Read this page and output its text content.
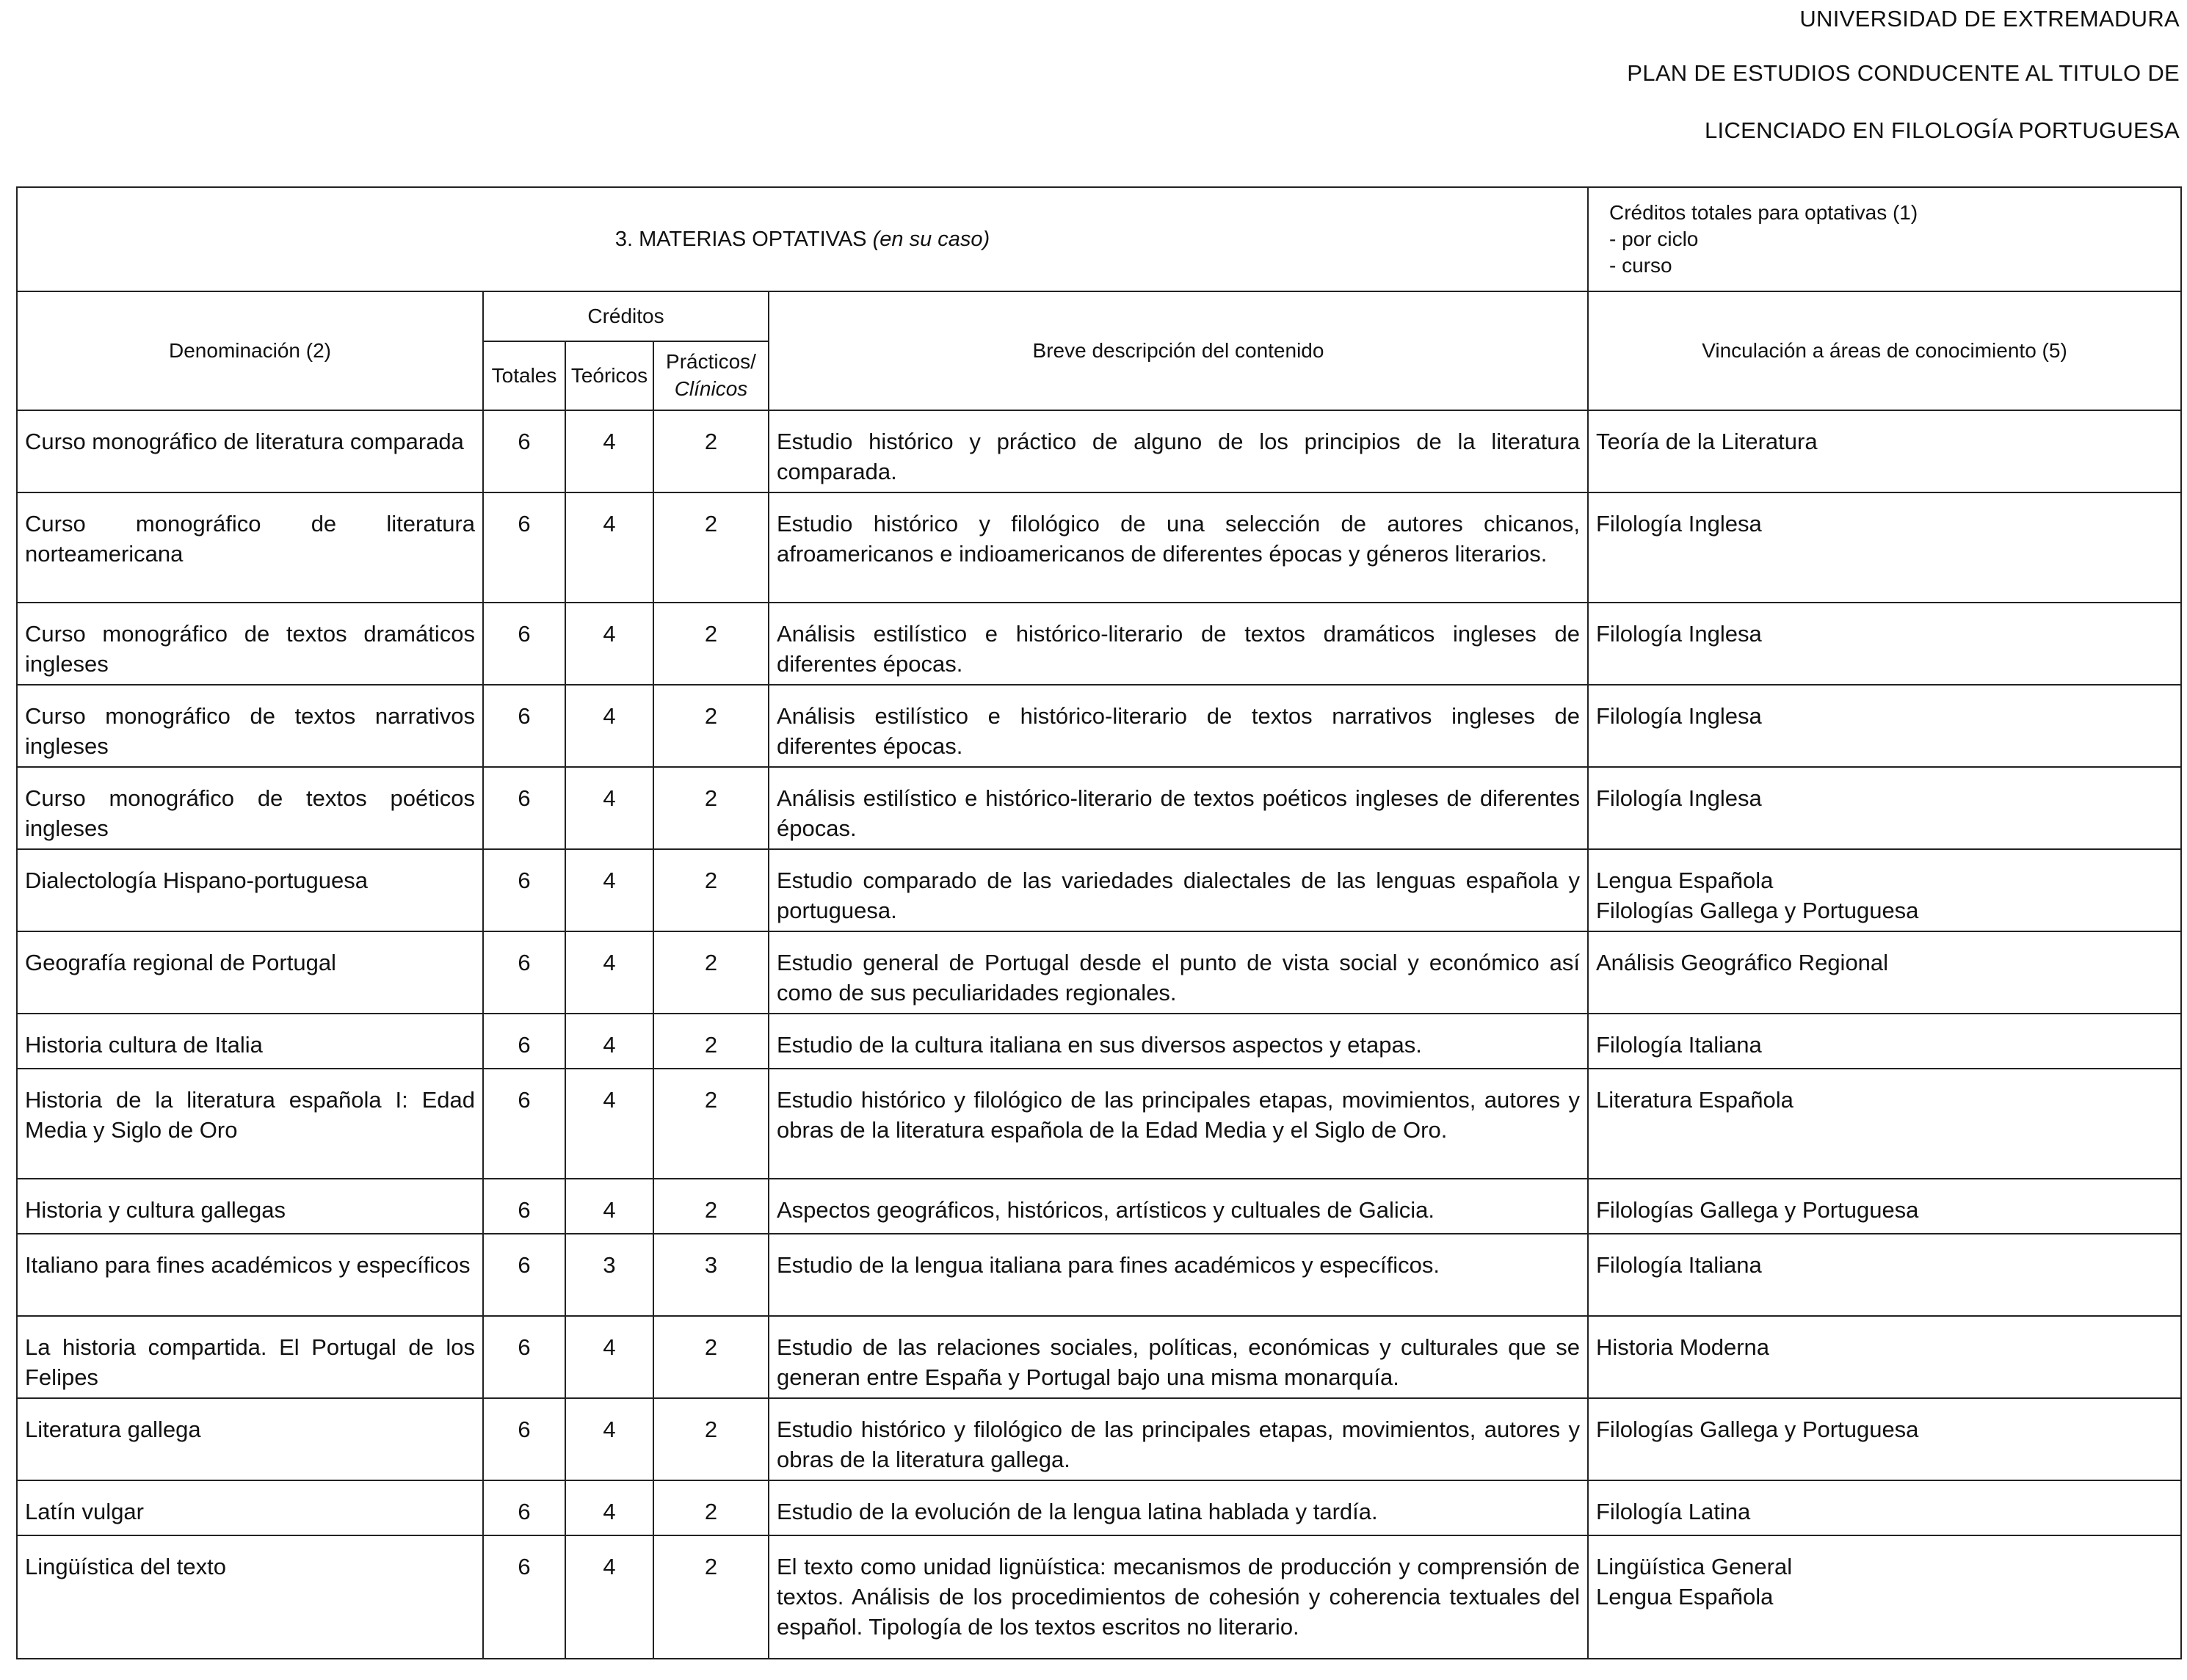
UNIVERSIDAD DE EXTREMADURA
PLAN DE ESTUDIOS CONDUCENTE AL TITULO DE
LICENCIADO EN FILOLOGÍA PORTUGUESA
3. MATERIAS OPTATIVAS (en su caso)					Créditos totales para optativas (1)
- por ciclo
- curso

Denominación (2)	Créditos			Breve descripción del contenido	Vinculación a áreas de conocimiento (5)
	Totales	Teóricos	Prácticos/
Clínicos		

Curso monográfico de literatura comparada	6	4	2	Estudio histórico y práctico de alguno de los principios de la literatura comparada.	Teoría de la Literatura

Curso monográfico de literatura norteamericana	6	4	2	Estudio histórico y filológico de una selección de autores chicanos, afroamericanos e indioamericanos de diferentes épocas y géneros literarios.	Filología Inglesa

Curso monográfico de textos dramáticos ingleses	6	4	2	Análisis estilístico e histórico-literario de textos dramáticos ingleses de diferentes épocas.	Filología Inglesa

Curso monográfico de textos narrativos ingleses	6	4	2	Análisis estilístico e histórico-literario de textos narrativos ingleses de diferentes épocas.	Filología Inglesa

Curso monográfico de textos poéticos ingleses	6	4	2	Análisis estilístico e histórico-literario de textos poéticos ingleses de diferentes épocas.	Filología Inglesa

Dialectología Hispano-portuguesa	6	4	2	Estudio comparado de las variedades dialectales de las lenguas española y portuguesa.	Lengua Española
Filologías Gallega y Portuguesa

Geografía regional de Portugal	6	4	2	Estudio general de Portugal desde el punto de vista social y económico así como de sus peculiaridades regionales.	Análisis Geográfico Regional

Historia cultura de Italia	6	4	2	Estudio de la cultura italiana en sus diversos aspectos y etapas.	Filología Italiana

Historia de la literatura española I: Edad Media y Siglo de Oro	6	4	2	Estudio histórico y filológico de las principales etapas, movimientos, autores y obras de la literatura española de la Edad Media y el Siglo de Oro.	Literatura Española

Historia y cultura gallegas	6	4	2	Aspectos geográficos, históricos, artísticos y cultuales de Galicia.	Filologías Gallega y Portuguesa

Italiano para fines académicos y específicos	6	3	3	Estudio de la lengua italiana para fines académicos y específicos.	Filología Italiana

La historia compartida. El Portugal de los Felipes	6	4	2	Estudio de las relaciones sociales, políticas, económicas y culturales que se generan entre España y Portugal bajo una misma monarquía.	Historia Moderna

Literatura gallega	6	4	2	Estudio histórico y filológico de las principales etapas, movimientos, autores y obras de la literatura gallega.	Filologías Gallega y Portuguesa

Latín vulgar	6	4	2	Estudio de la evolución de la lengua latina hablada y tardía.	Filología Latina

Lingüística del texto	6	4	2	El texto como unidad lignüística: mecanismos de producción y comprensión de textos. Análisis de los procedimientos de cohesión y coherencia textuales del español. Tipología de los textos escritos no literario.	Lingüística General
Lengua Española
